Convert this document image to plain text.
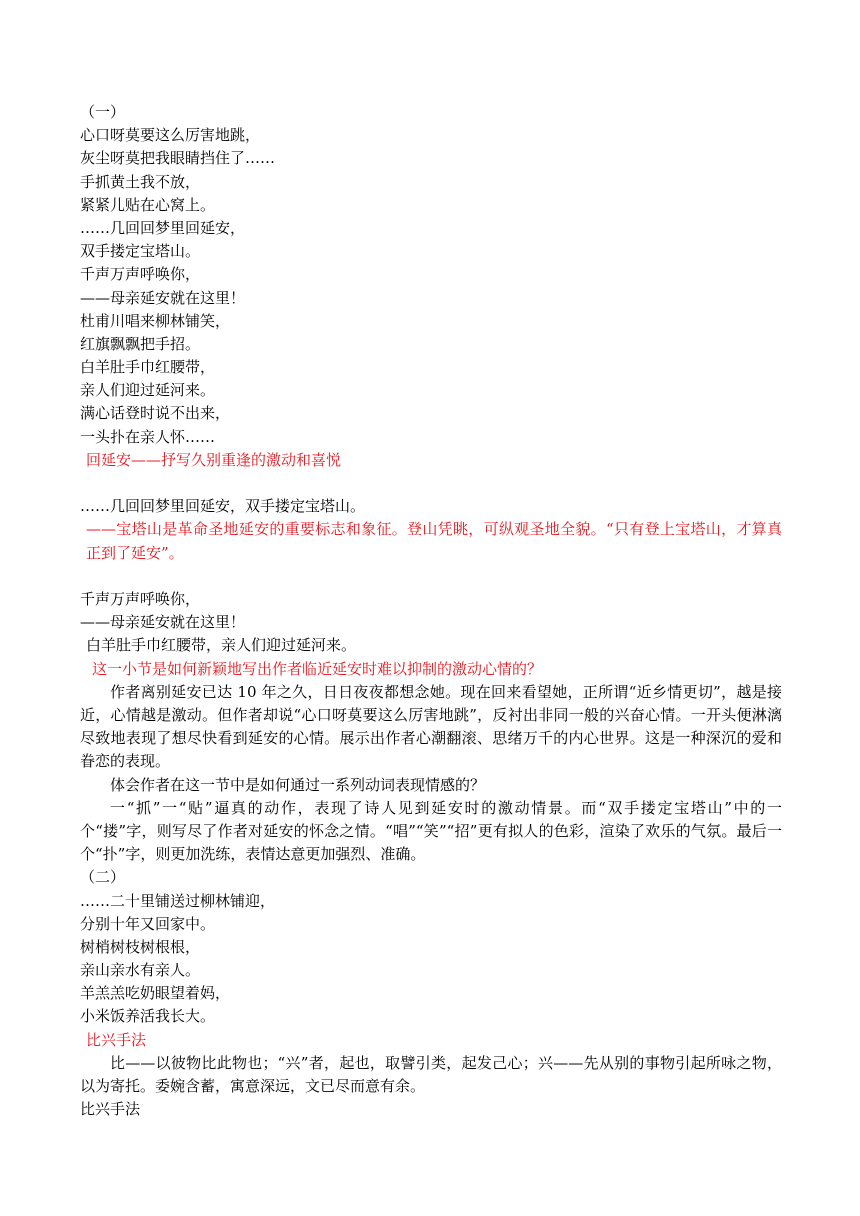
（一）
心口呀莫要这么厉害地跳，
灰尘呀莫把我眼睛挡住了……
手抓黄土我不放，
紧紧儿贴在心窝上。
……几回回梦里回延安，
双手搂定宝塔山。
千声万声呼唤你，
——母亲延安就在这里！
杜甫川唱来柳林铺笑，
红旗飘飘把手招。
白羊肚手巾红腰带，
亲人们迎过延河来。
满心话登时说不出来，
一头扑在亲人怀……
回延安——抒写久别重逢的激动和喜悦
……几回回梦里回延安，双手搂定宝塔山。

——宝塔山是革命圣地延安的重要标志和象征。登山凭眺，可纵观圣地全貌。“只有登上宝塔山，才算真正到了延安”。

千声万声呼唤你，
——母亲延安就在这里！
白羊肚手巾红腰带，亲人们迎过延河来。
这一小节是如何新颖地写出作者临近延安时难以抑制的激动心情的？

作者离别延安已达 10 年之久，日日夜夜都想念她。现在回来看望她，正所谓“近乡情更切”，越是接近，心情越是激动。但作者却说“心口呀莫要这么厉害地跳”，反衬出非同一般的兴奋心情。一开头便淋漓尽致地表现了想尽快看到延安的心情。展示出作者心潮翻滚、思绪万千的内心世界。这是一种深沉的爱和眷恋的表现。

体会作者在这一节中是如何通过一系列动词表现情感的？

一“抓”一“贴”逼真的动作，表现了诗人见到延安时的激动情景。而“双手搂定宝塔山”中的一个“搂”字，则写尽了作者对延安的怀念之情。“唱”“笑”“招”更有拟人的色彩，渲染了欢乐的气氛。最后一个“扑”字，则更加洗练，表情达意更加强烈、准确。

（二）
……二十里铺送过柳林铺迎，
分别十年又回家中。
树梢树枝树根根，
亲山亲水有亲人。
羊羔羔吃奶眼望着妈，
小米饭养活我长大。
比兴手法

比——以彼物比此物也；“兴”者，起也，取譬引类，起发己心；兴——先从别的事物引起所咏之物，以为寄托。委婉含蓄，寓意深远，文已尽而意有余。

比兴手法
